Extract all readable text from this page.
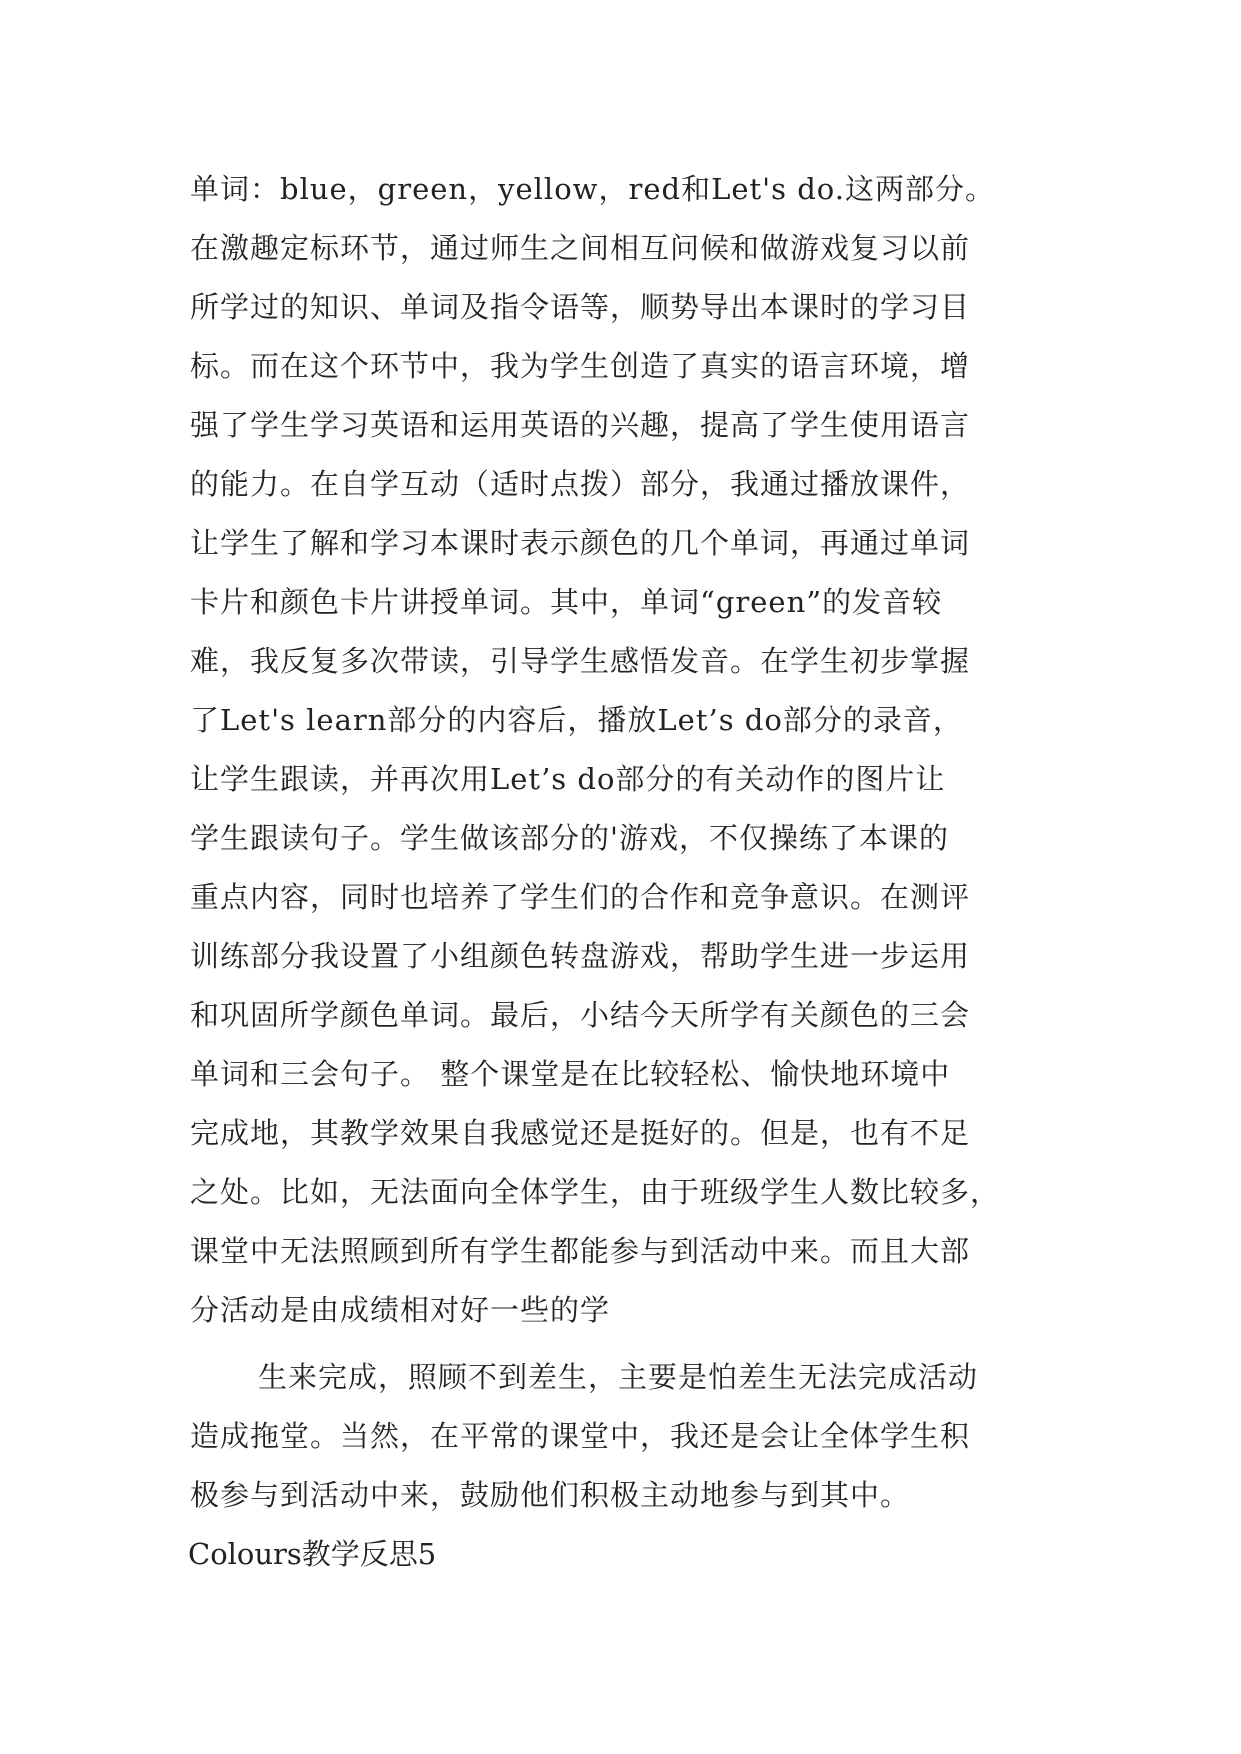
单词：blue，green，yellow，red和Let's do.这两部分。
在激趣定标环节，通过师生之间相互问候和做游戏复习以前
所学过的知识、单词及指令语等，顺势导出本课时的学习目
标。而在这个环节中，我为学生创造了真实的语言环境，增
强了学生学习英语和运用英语的兴趣，提高了学生使用语言
的能力。在自学互动（适时点拨）部分，我通过播放课件，
让学生了解和学习本课时表示颜色的几个单词，再通过单词
卡片和颜色卡片讲授单词。其中，单词“green”的发音较
难，我反复多次带读，引导学生感悟发音。在学生初步掌握
了Let's learn部分的内容后，播放Let’s do部分的录音，
让学生跟读，并再次用Let’s do部分的有关动作的图片让
学生跟读句子。学生做该部分的'游戏，不仅操练了本课的
重点内容，同时也培养了学生们的合作和竞争意识。在测评
训练部分我设置了小组颜色转盘游戏，帮助学生进一步运用
和巩固所学颜色单词。最后，小结今天所学有关颜色的三会
单词和三会句子。 整个课堂是在比较轻松、愉快地环境中
完成地，其教学效果自我感觉还是挺好的。但是，也有不足
之处。比如，无法面向全体学生，由于班级学生人数比较多，
课堂中无法照顾到所有学生都能参与到活动中来。而且大部
分活动是由成绩相对好一些的学
生来完成，照顾不到差生，主要是怕差生无法完成活动
造成拖堂。当然，在平常的课堂中，我还是会让全体学生积
极参与到活动中来，鼓励他们积极主动地参与到其中。
Colours教学反思5
